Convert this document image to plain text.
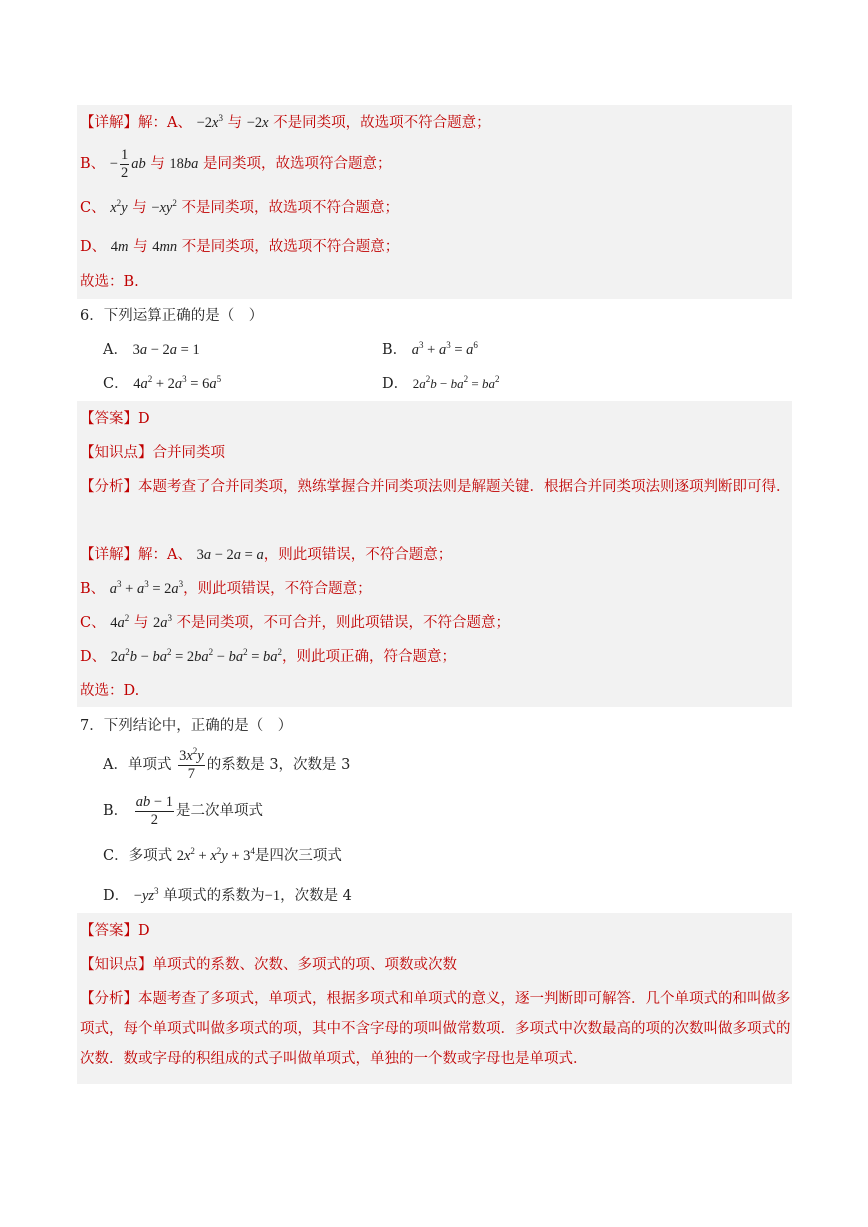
【详解】解：A、 $-2x^3$ 与 −2x 不是同类项，故选项不符合题意；
B、 − $\frac{1}{2}$ ab 与 18ba 是同类项，故选项符合题意；
C、 $x^2y$ 与 $-xy^2$ 不是同类项，故选项不符合题意；
D、 4m 与 4mn 不是同类项，故选项不符合题意；
故选：B.
6．下列运算正确的是（　）
A． 3a − 2a = 1	B． $a^3 + a^3 = a^6$
C． $4a^2 + 2a^3 = 6a^5$	D． $2a^2b - ba^2 = ba^2$
【答案】D
【知识点】合并同类项
【分析】本题考查了合并同类项，熟练掌握合并同类项法则是解题关键．根据合并同类项法则逐项判断即可得．
【详解】解：A、 3a − 2a = a，则此项错误，不符合题意；
B、 $a^3 + a^3 = 2a^3$，则此项错误，不符合题意；
C、 $4a^2$ 与 $2a^3$ 不是同类项，不可合并，则此项错误，不符合题意；
D、 $2a^2b - ba^2 = 2ba^2 - ba^2 = ba^2$，则此项正确，符合题意；
故选：D.
7．下列结论中，正确的是（　）
A．单项式 $\frac{3x^2y}{7}$ 的系数是 3，次数是 3
B． $\frac{ab - 1}{2}$ 是二次单项式
C．多项式 $2x^2 + x^2y + 3^4$是四次三项式
D． $-yz^3$ 单项式的系数为−1，次数是 4
【答案】D
【知识点】单项式的系数、次数、多项式的项、项数或次数
【分析】本题考查了多项式，单项式，根据多项式和单项式的意义，逐一判断即可解答．几个单项式的和叫做多项式，每个单项式叫做多项式的项，其中不含字母的项叫做常数项．多项式中次数最高的项的次数叫做多项式的次数．数或字母的积组成的式子叫做单项式，单独的一个数或字母也是单项式．
